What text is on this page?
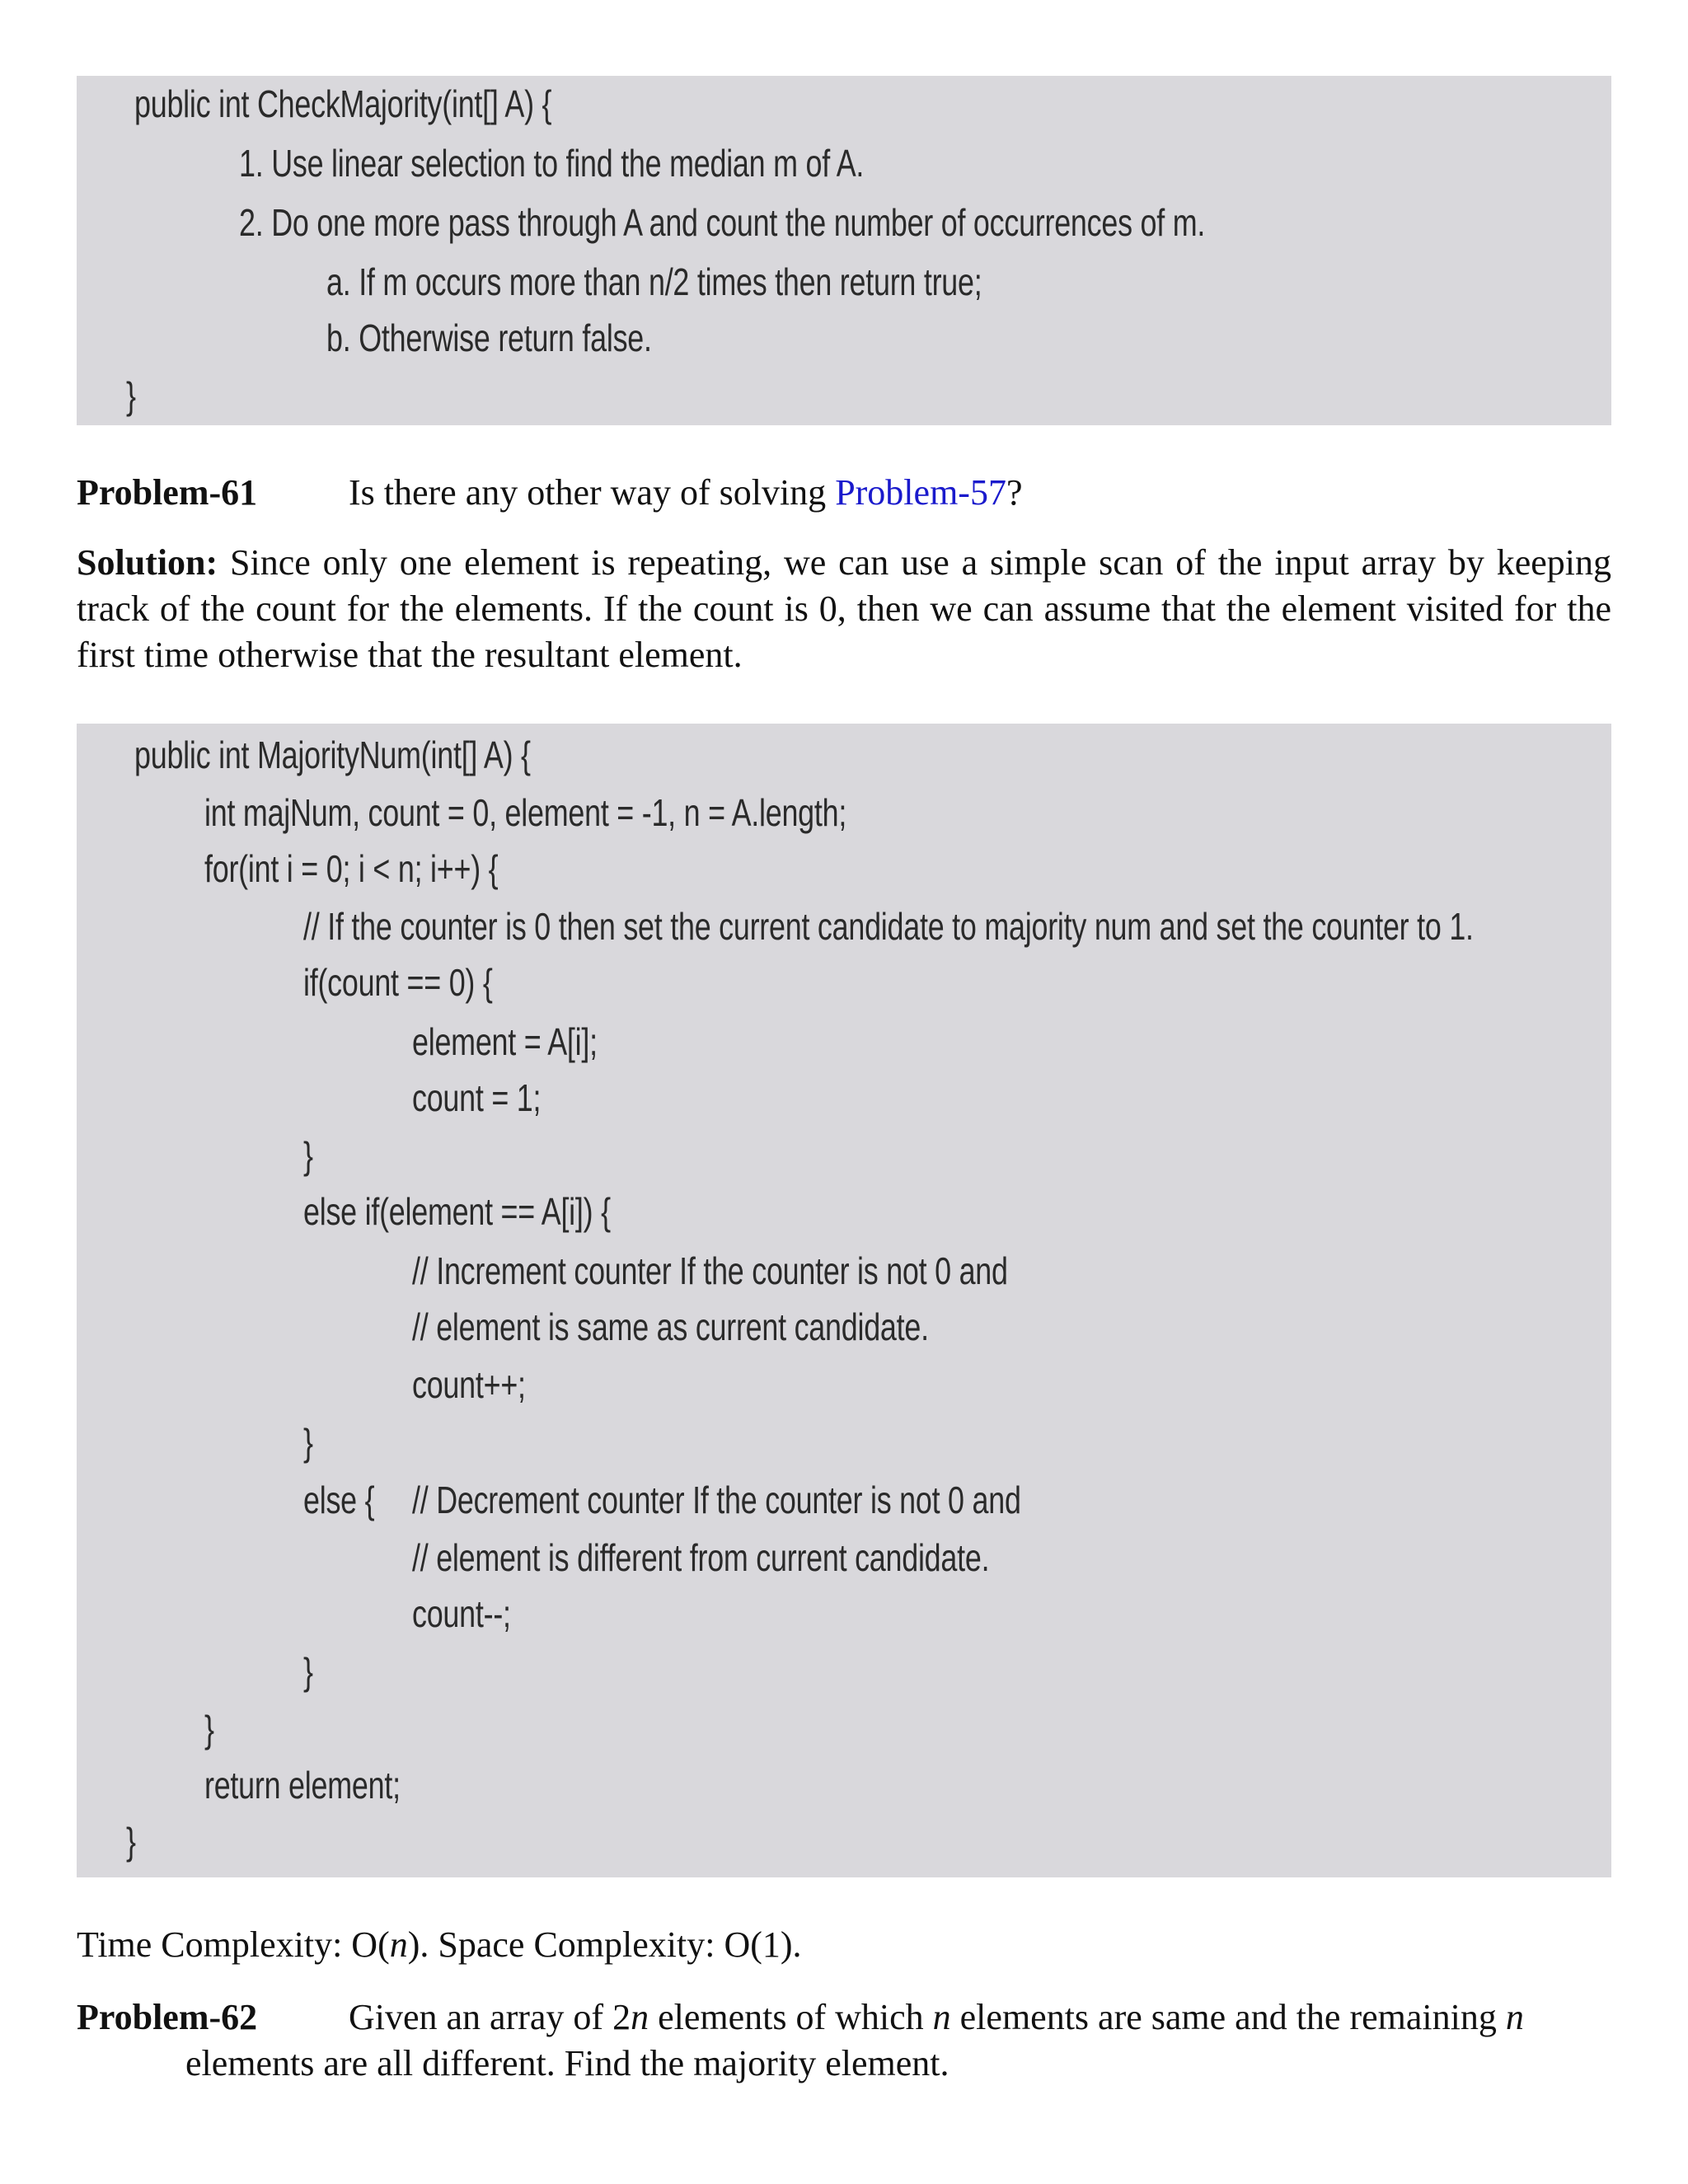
public int CheckMajority(int[] A) {

1. Use linear selection to find the median m of A.

2. Do one more pass through A and count the number of occurrences of m.

a. If m occurs more than n/2 times then return true;

b. Otherwise return false.

}

Problem-61	Is there any other way of solving Problem-57?

Solution: Since only one element is repeating, we can use a simple scan of the input array by keeping track of the count for the elements. If the count is 0, then we can assume that the element visited for the first time otherwise that the resultant element.

public int MajorityNum(int[] A) {

int majNum, count = 0, element = -1, n = A.length;

for(int i = 0; i < n; i++) {

// If the counter is 0 then set the current candidate to majority num and set the counter to 1.

if(count == 0) {

element = A[i];

count = 1;

}

else if(element == A[i]) {

// Increment counter If the counter is not 0 and

// element is same as current candidate.

count++;

}

else { // Decrement counter If the counter is not 0 and

// element is different from current candidate.

count--;

}

}

return element;

}

Time Complexity: O(n). Space Complexity: O(1).

Problem-62	Given an array of 2n elements of which n elements are same and the remaining n
elements are all different. Find the majority element.
